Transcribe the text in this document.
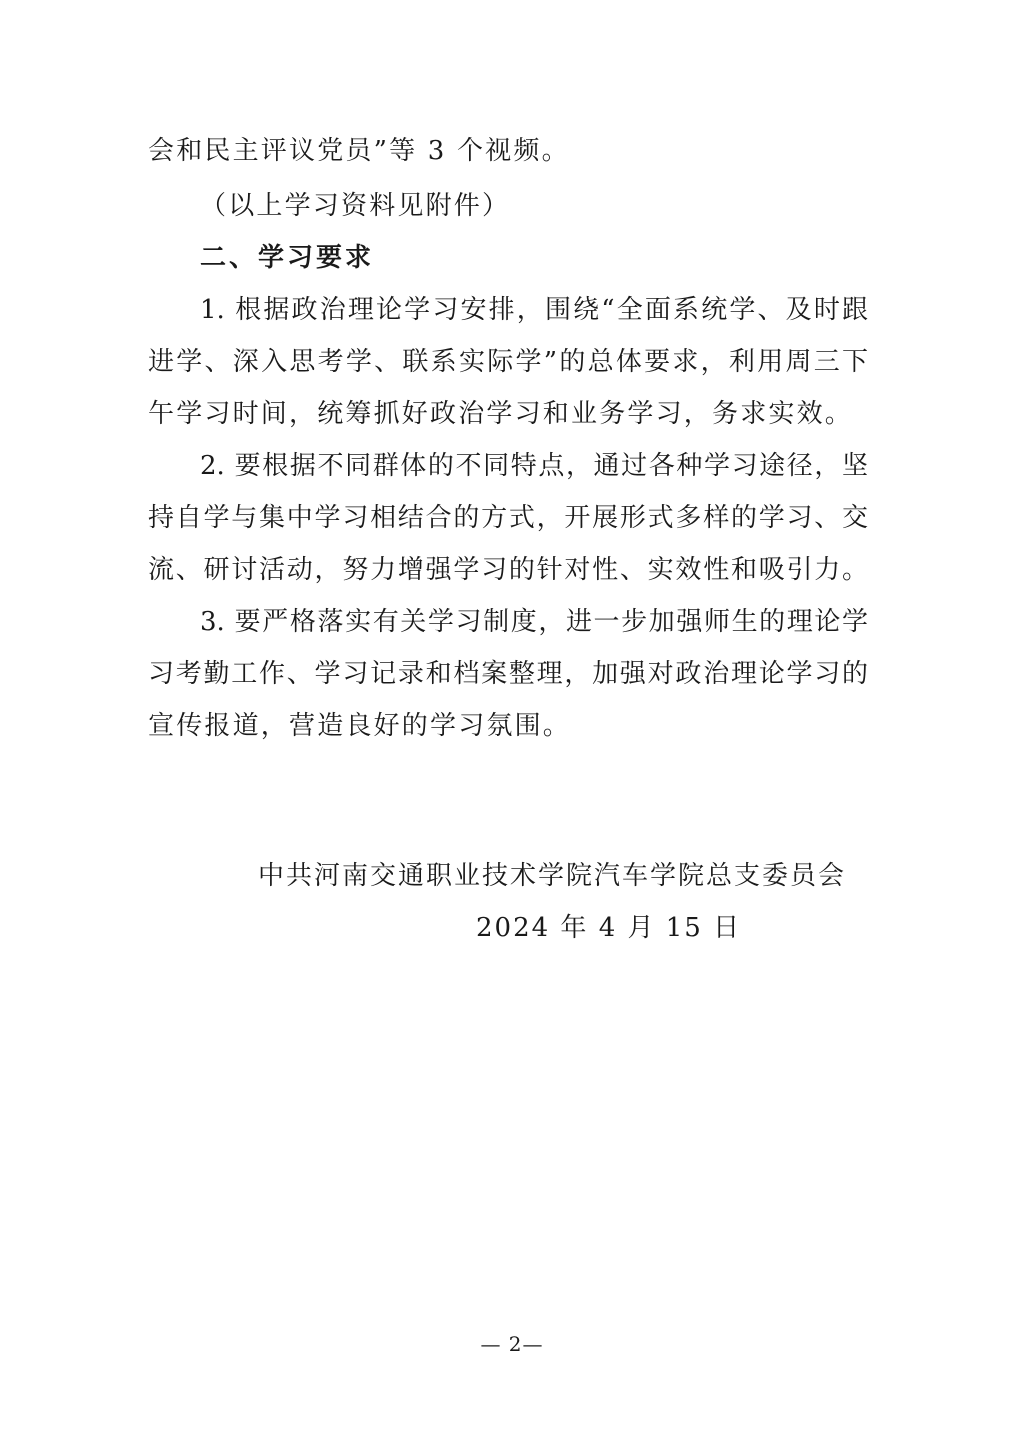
会和民主评议党员”等 3 个视频。
（以上学习资料见附件）
二、学习要求
1. 根据政治理论学习安排，围绕“全面系统学、及时跟
进学、深入思考学、联系实际学”的总体要求，利用周三下
午学习时间，统筹抓好政治学习和业务学习，务求实效。
2. 要根据不同群体的不同特点，通过各种学习途径，坚
持自学与集中学习相结合的方式，开展形式多样的学习、交
流、研讨活动，努力增强学习的针对性、实效性和吸引力。
3. 要严格落实有关学习制度，进一步加强师生的理论学
习考勤工作、学习记录和档案整理，加强对政治理论学习的
宣传报道，营造良好的学习氛围。
中共河南交通职业技术学院汽车学院总支委员会
2024 年 4 月 15 日
— 2—
